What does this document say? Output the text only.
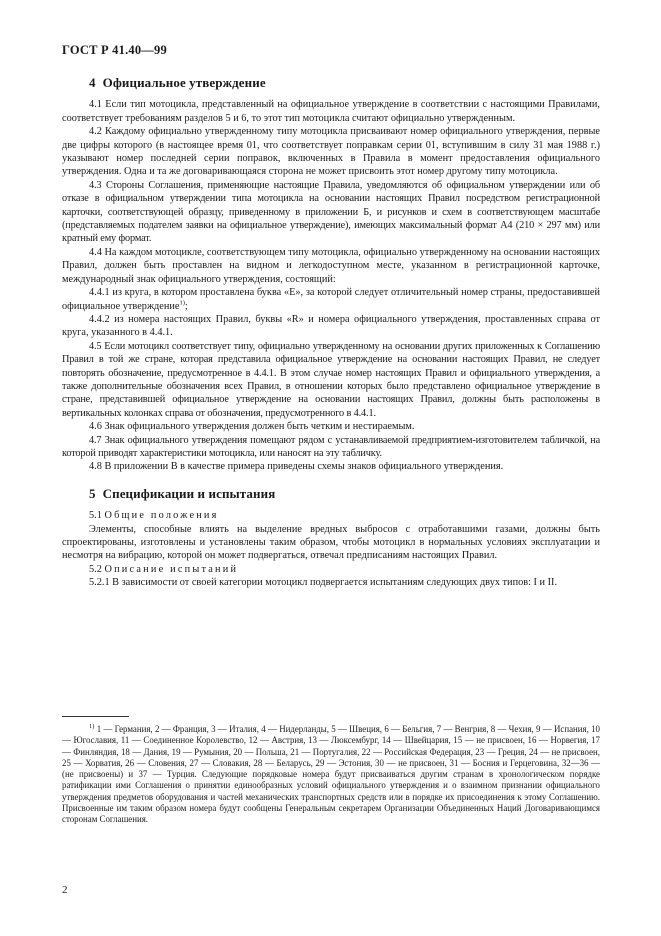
ГОСТ Р 41.40—99
4 Официальное утверждение

4.1 Если тип мотоцикла, представленный на официальное утверждение в соответствии с настоящими Правилами, соответствует требованиям разделов 5 и 6, то этот тип мотоцикла считают официально утвержденным.

4.2 Каждому официально утвержденному типу мотоцикла присваивают номер официального утверждения, первые две цифры которого (в настоящее время 01, что соответствует поправкам серии 01, вступившим в силу 31 мая 1988 г.) указывают номер последней серии поправок, включенных в Правила в момент предоставления официального утверждения. Одна и та же договаривающаяся сторона не может присвоить этот номер другому типу мотоцикла.

4.3 Стороны Соглашения, применяющие настоящие Правила, уведомляются об официальном утверждении или об отказе в официальном утверждении типа мотоцикла на основании настоящих Правил посредством регистрационной карточки, соответствующей образцу, приведенному в приложении Б, и рисунков и схем в соответствующем масштабе (представляемых подателем заявки на официальное утверждение), имеющих максимальный формат А4 (210 × 297 мм) или кратный ему формат.

4.4 На каждом мотоцикле, соответствующем типу мотоцикла, официально утвержденному на основании настоящих Правил, должен быть проставлен на видном и легкодоступном месте, указанном в регистрационной карточке, международный знак официального утверждения, состоящий:

4.4.1 из круга, в котором проставлена буква «Е», за которой следует отличительный номер страны, предоставившей официальное утверждение$^{1)}$;

4.4.2 из номера настоящих Правил, буквы «R» и номера официального утверждения, проставленных справа от круга, указанного в 4.4.1.

4.5 Если мотоцикл соответствует типу, официально утвержденному на основании других приложенных к Соглашению Правил в той же стране, которая представила официальное утверждение на основании настоящих Правил, не следует повторять обозначение, предусмотренное в 4.4.1. В этом случае номер настоящих Правил и официального утверждения, а также дополнительные обозначения всех Правил, в отношении которых было представлено официальное утверждение в стране, представившей официальное утверждение на основании настоящих Правил, должны быть расположены в вертикальных колонках справа от обозначения, предусмотренного в 4.4.1.

4.6 Знак официального утверждения должен быть четким и нестираемым.

4.7 Знак официального утверждения помещают рядом с устанавливаемой предприятием-изготовителем табличкой, на которой приводят характеристики мотоцикла, или наносят на эту табличку.

4.8 В приложении В в качестве примера приведены схемы знаков официального утверждения.

5 Спецификации и испытания

5.1 Общие положения

Элементы, способные влиять на выделение вредных выбросов с отработавшими газами, должны быть спроектированы, изготовлены и установлены таким образом, чтобы мотоцикл в нормальных условиях эксплуатации и несмотря на вибрацию, которой он может подвергаться, отвечал предписаниям настоящих Правил.

5.2 Описание испытаний

5.2.1 В зависимости от своей категории мотоцикл подвергается испытаниям следующих двух типов: I и II.

$^{1)}$ 1 — Германия, 2 — Франция, 3 — Италия, 4 — Нидерланды, 5 — Швеция, 6 — Бельгия, 7 — Венгрия, 8 — Чехия, 9 — Испания, 10 — Югославия, 11 — Соединенное Королевство, 12 — Австрия, 13 — Люксембург, 14 — Швейцария, 15 — не присвоен, 16 — Норвегия, 17 — Финляндия, 18 — Дания, 19 — Румыния, 20 — Польша, 21 — Португалия, 22 — Российская Федерация, 23 — Греция, 24 — не присвоен, 25 — Хорватия, 26 — Словения, 27 — Словакия, 28 — Беларусь, 29 — Эстония, 30 — не присвоен, 31 — Босния и Герцеговина, 32—36 — (не присвоены) и 37 — Турция. Следующие порядковые номера будут присваиваться другим странам в хронологическом порядке ратификации ими Соглашения о принятии единообразных условий официального утверждения и о взаимном признании официального утверждения предметов оборудования и частей механических транспортных средств или в порядке их присоединения к этому Соглашению. Присвоенные им таким образом номера будут сообщены Генеральным секретарем Организации Объединенных Наций Договаривающимся сторонам Соглашения.

2
